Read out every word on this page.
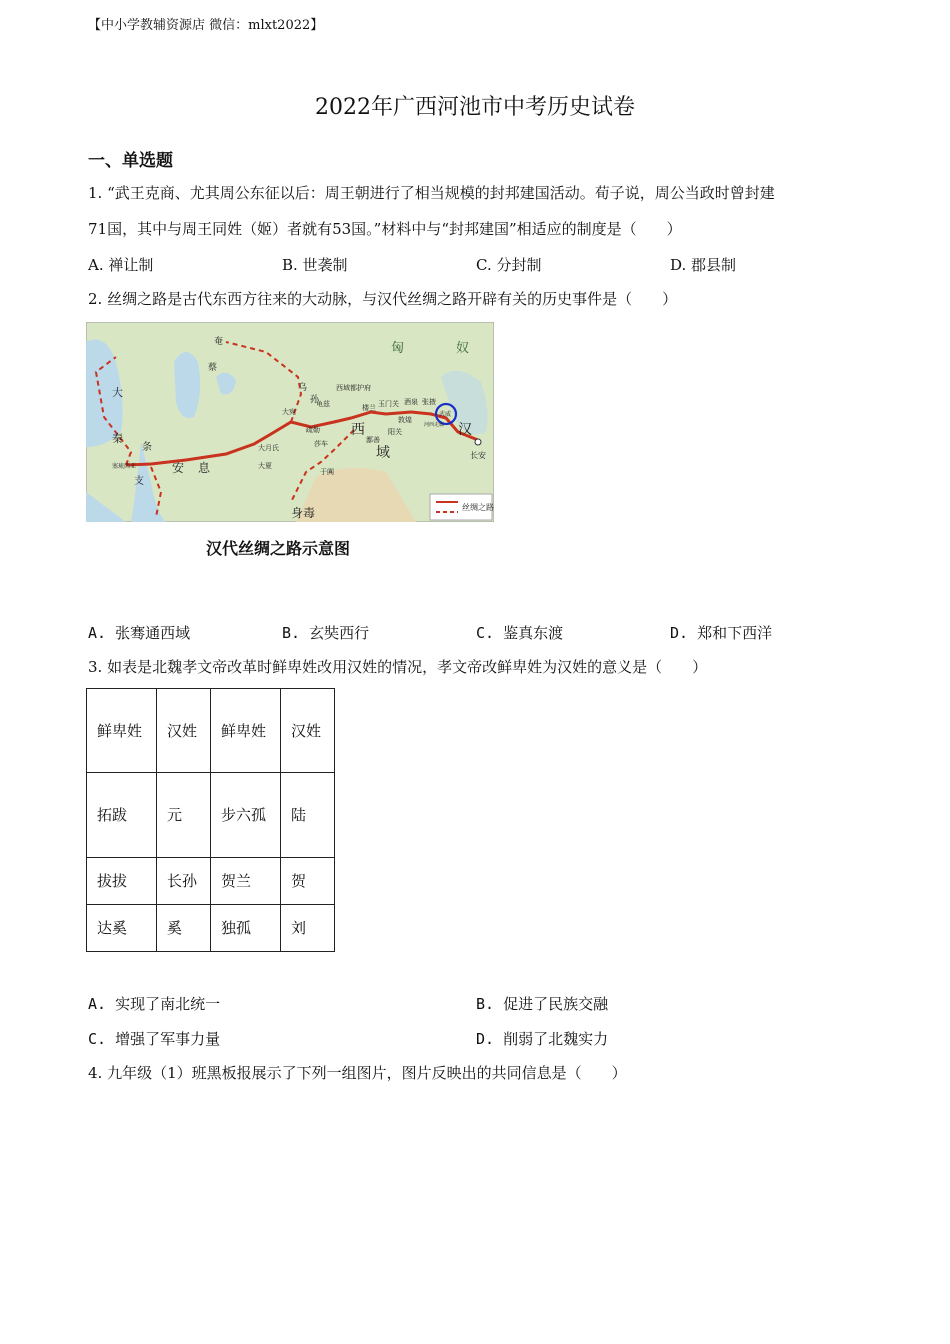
【中小学教辅资源店 微信：mlxt2022】
2022年广西河池市中考历史试卷
一、单选题
1. “武王克商、尤其周公东征以后：周王朝进行了相当规模的封邦建国活动。荀子说，周公当政时曾封建
71国，其中与周王同姓（姬）者就有53国。”材料中与“封邦建国”相适应的制度是（　　）
A. 禅让制	B. 世袭制	C. 分封制	D. 郡县制
2. 丝绸之路是古代东西方往来的大动脉，与汉代丝绸之路开辟有关的历史事件是（　　）
丝绸之路
匈	奴
奄
蔡
大
秦
条
支
安 息
西
域
汉
长安
身毒
乌
孙
大宛
大月氏
大夏
疏勒
龟兹
于阗
鄯善
楼兰 玉门关
阳关
敦煌
酒泉 张掖
武威
西域都护府
塞琉西亚
莎车
河西走廊
汉代丝绸之路示意图
A. 张骞通西域	B. 玄奘西行	C. 鉴真东渡	D. 郑和下西洋
3. 如表是北魏孝文帝改革时鲜卑姓改用汉姓的情况，孝文帝改鲜卑姓为汉姓的意义是（　　）
鲜卑姓	汉姓	鲜卑姓	汉姓
拓跋	元	步六孤	陆
拔拔	长孙	贺兰	贺
达奚	奚	独孤	刘
A. 实现了南北统一	B. 促进了民族交融
C. 增强了军事力量	D. 削弱了北魏实力
4. 九年级（1）班黑板报展示了下列一组图片，图片反映出的共同信息是（　　）
